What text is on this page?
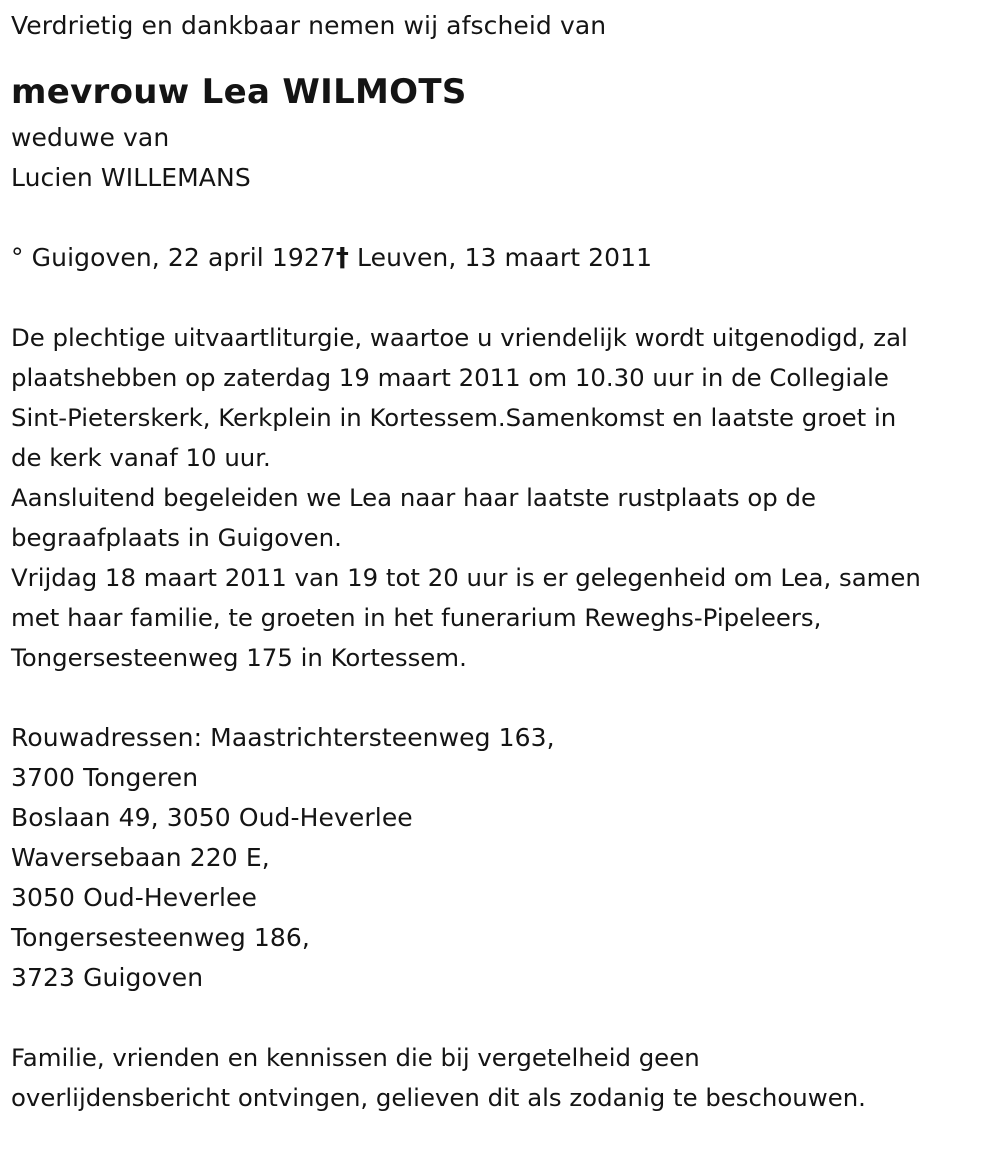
Verdrietig en dankbaar nemen wij afscheid van
mevrouw Lea WILMOTS
weduwe van
Lucien WILLEMANS
° Guigoven, 22 april 1927† Leuven, 13 maart 2011
De plechtige uitvaartliturgie, waartoe u vriendelijk wordt uitgenodigd, zal
plaatshebben op zaterdag 19 maart 2011 om 10.30 uur in de Collegiale
Sint-Pieterskerk, Kerkplein in Kortessem.Samenkomst en laatste groet in
de kerk vanaf 10 uur.
Aansluitend begeleiden we Lea naar haar laatste rustplaats op de
begraafplaats in Guigoven.
Vrijdag 18 maart 2011 van 19 tot 20 uur is er gelegenheid om Lea, samen
met haar familie, te groeten in het funerarium Reweghs-Pipeleers,
Tongersesteenweg 175 in Kortessem.
Rouwadressen: Maastrichtersteenweg 163,
3700 Tongeren
Boslaan 49, 3050 Oud-Heverlee
Waversebaan 220 E,
3050 Oud-Heverlee
Tongersesteenweg 186,
3723 Guigoven
Familie, vrienden en kennissen die bij vergetelheid geen
overlijdensbericht ontvingen, gelieven dit als zodanig te beschouwen.
